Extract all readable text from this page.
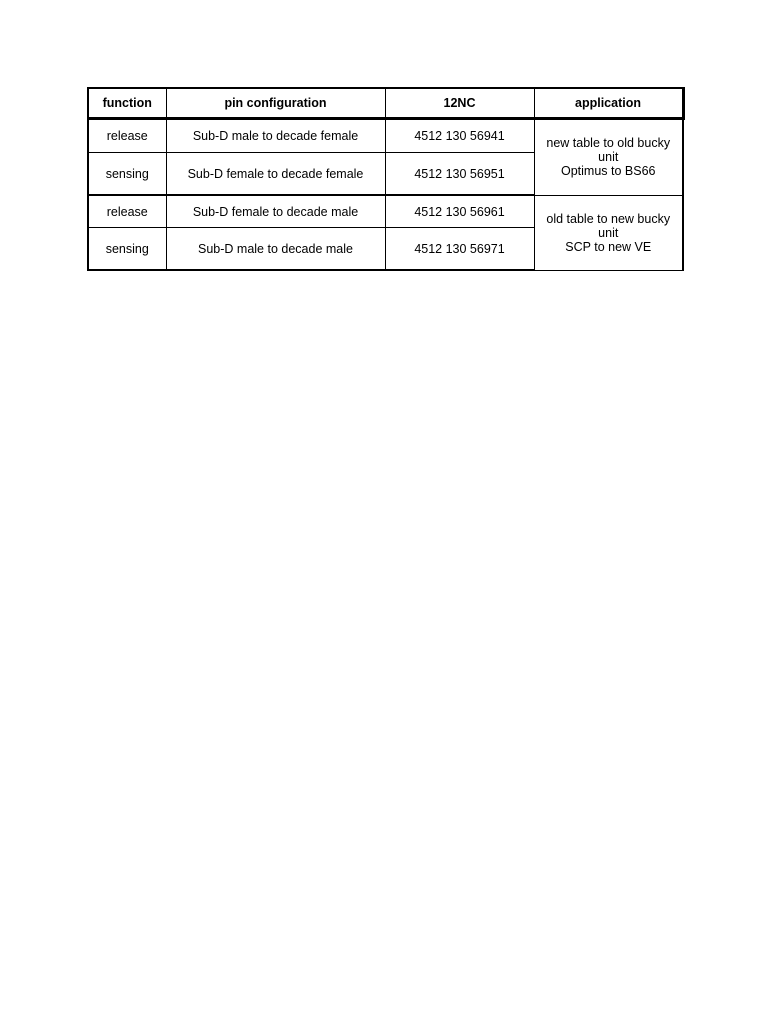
function	pin configuration	12NC	application
release	Sub-D male to decade female	4512 130 56941	new table to old bucky
unit
Optimus to BS66

sensing	Sub-D female to decade female	4512 130 56951	
release	Sub-D female to decade male	4512 130 56961	old table to new bucky
unit
SCP to new VE

sensing	Sub-D male to decade male	4512 130 56971	
